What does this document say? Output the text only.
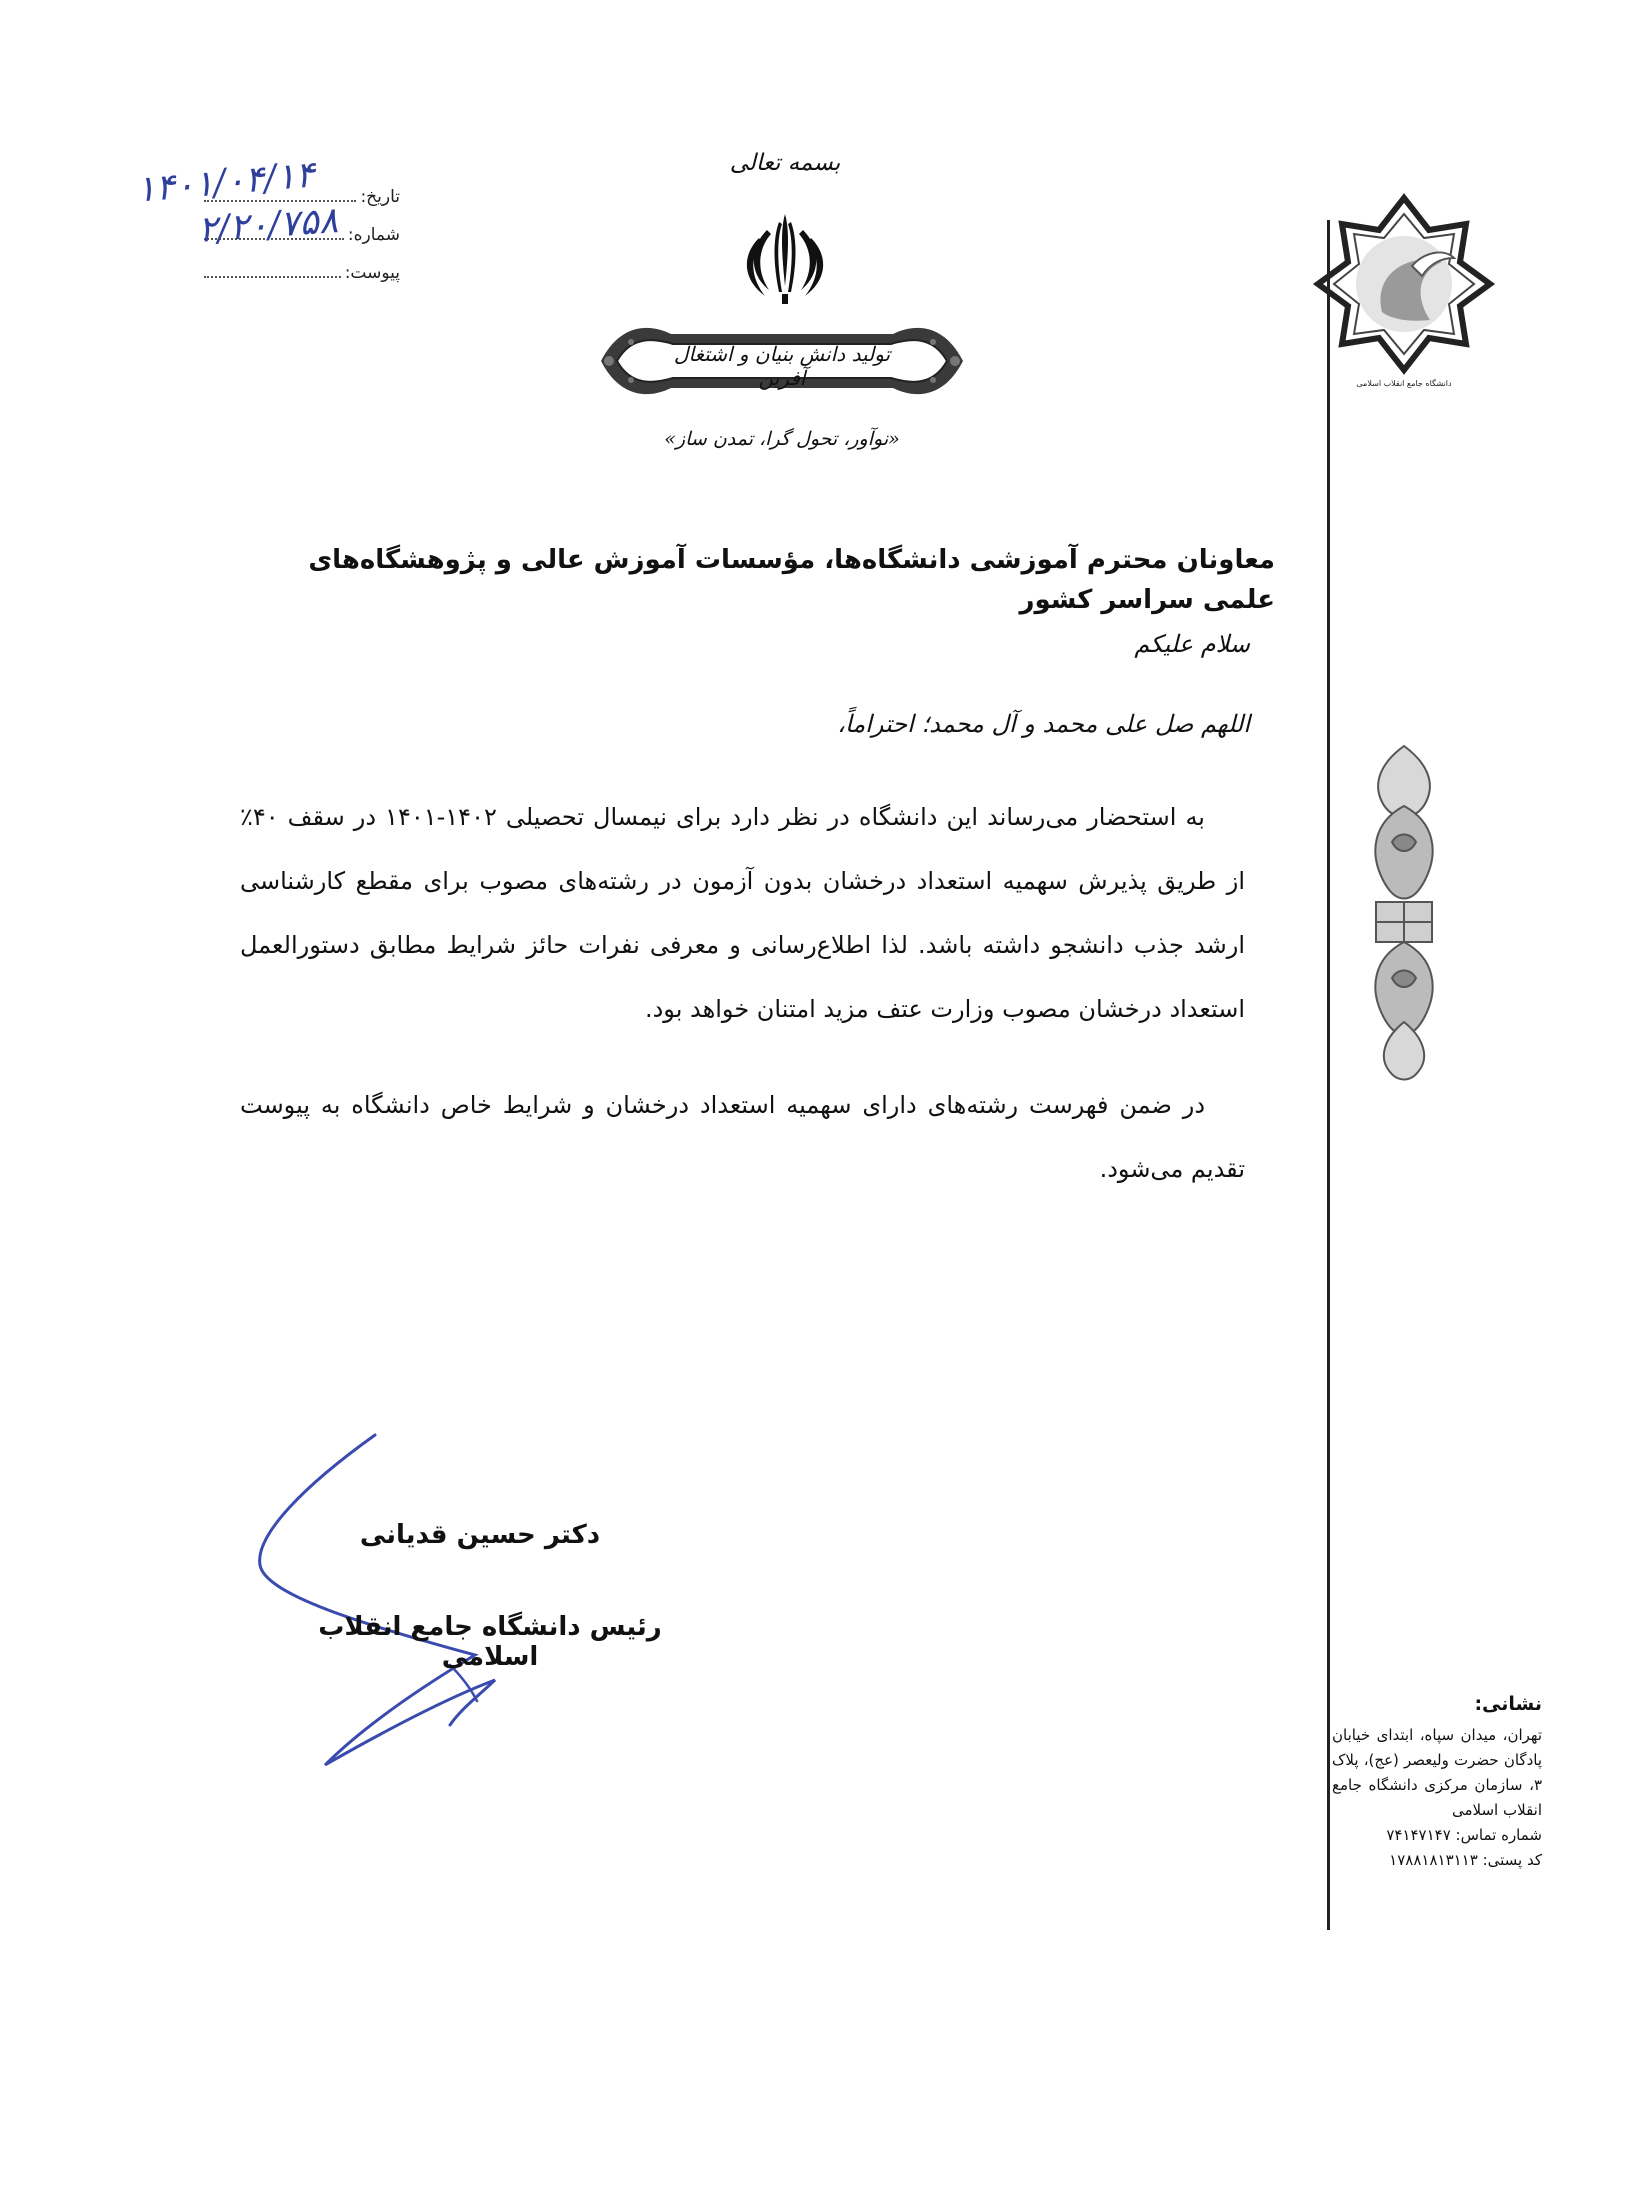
دانشگاه جامع انقلاب اسلامی
نشانی:
تهران، میدان سپاه، ابتدای خیابان پادگان حضرت ولیعصر (عج)، پلاک ۳، سازمان مرکزی دانشگاه جامع انقلاب اسلامی
شماره تماس: ۷۴۱۴۷۱۴۷
کد پستی: ۱۷۸۸۱۸۱۳۱۱۳
تاریخ:
شماره:
پیوست:
۱۴۰۱/۰۴/۱۴
۲/۲۰/۷۵۸
بسمه تعالی
تولید دانش بنیان و اشتغال آفرین
«نوآور، تحول گرا، تمدن ساز»
معاونان محترم آموزشی دانشگاه‌ها، مؤسسات آموزش عالی و پژوهشگاه‌های علمی سراسر کشور
سلام علیکم
اللهم صل علی محمد و آل محمد؛ احتراماً،

به استحضار می‌رساند این دانشگاه در نظر دارد برای نیمسال تحصیلی ۱۴۰۲-۱۴۰۱ در سقف ۴۰٪ از طریق پذیرش سهمیه استعداد درخشان بدون آزمون در رشته‌های مصوب برای مقطع کارشناسی ارشد جذب دانشجو داشته باشد. لذا اطلاع‌رسانی و معرفی نفرات حائز شرایط مطابق دستورالعمل استعداد درخشان مصوب وزارت عتف مزید امتنان خواهد بود.

در ضمن فهرست رشته‌های دارای سهمیه استعداد درخشان و شرایط خاص دانشگاه به پیوست تقدیم می‌شود.

دکتر حسین قدیانی
رئیس دانشگاه جامع انقلاب اسلامی
